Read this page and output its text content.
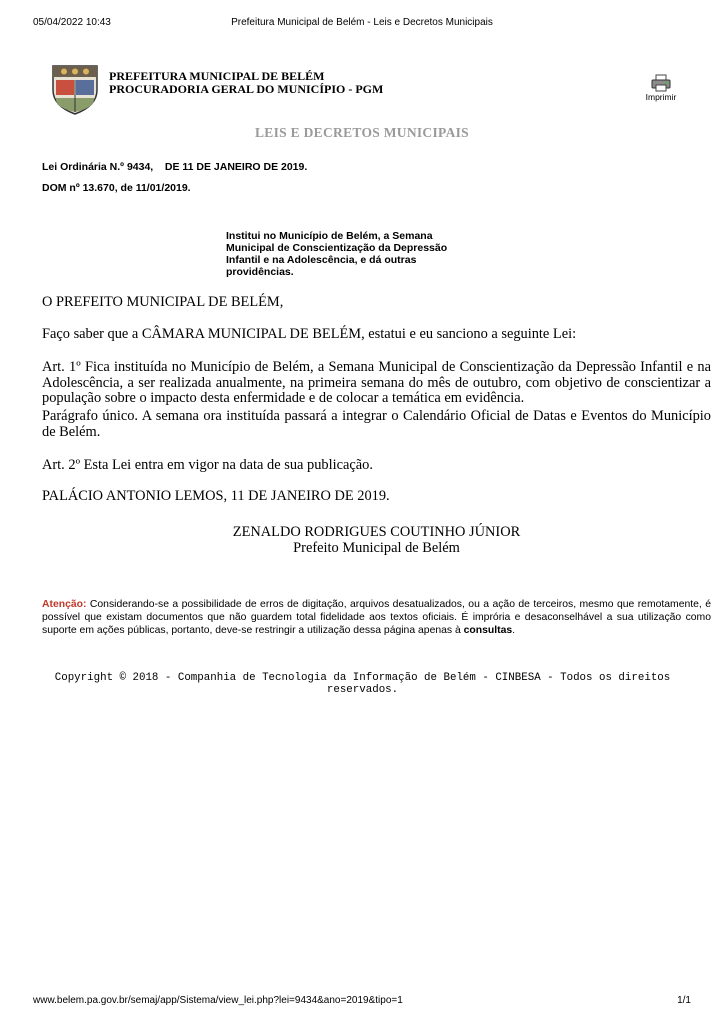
05/04/2022 10:43	Prefeitura Municipal de Belém - Leis e Decretos Municipais
PREFEITURA MUNICIPAL DE BELÉM
PROCURADORIA GERAL DO MUNICÍPIO - PGM
Imprimir
LEIS E DECRETOS MUNICIPAIS
Lei Ordinária N.º 9434,    DE 11 DE JANEIRO DE 2019.
DOM nº 13.670, de 11/01/2019.
Institui no Município de Belém, a Semana Municipal de Conscientização da Depressão Infantil e na Adolescência, e dá outras providências.
O PREFEITO MUNICIPAL DE BELÉM,
Faço saber que a CÂMARA MUNICIPAL DE BELÉM, estatui e eu sanciono a seguinte Lei:
Art. 1º Fica instituída no Município de Belém, a Semana Municipal de Conscientização da Depressão Infantil e na Adolescência, a ser realizada anualmente, na primeira semana do mês de outubro, com objetivo de conscientizar a população sobre o impacto desta enfermidade e de colocar a temática em evidência.
Parágrafo único. A semana ora instituída passará a integrar o Calendário Oficial de Datas e Eventos do Município de Belém.
Art. 2º Esta Lei entra em vigor na data de sua publicação.
PALÁCIO ANTONIO LEMOS, 11 DE JANEIRO DE 2019.
ZENALDO RODRIGUES COUTINHO JÚNIOR
Prefeito Municipal de Belém
Atenção: Considerando-se a possibilidade de erros de digitação, arquivos desatualizados, ou a ação de terceiros, mesmo que remotamente, é possível que existam documentos que não guardem total fidelidade aos textos oficiais. É imprória e desaconselhável a sua utilização como suporte em ações públicas, portanto, deve-se restringir a utilização dessa página apenas à consultas.
Copyright © 2018 - Companhia de Tecnologia da Informação de Belém - CINBESA - Todos os direitos reservados.
www.belem.pa.gov.br/semaj/app/Sistema/view_lei.php?lei=9434&ano=2019&tipo=1	1/1
